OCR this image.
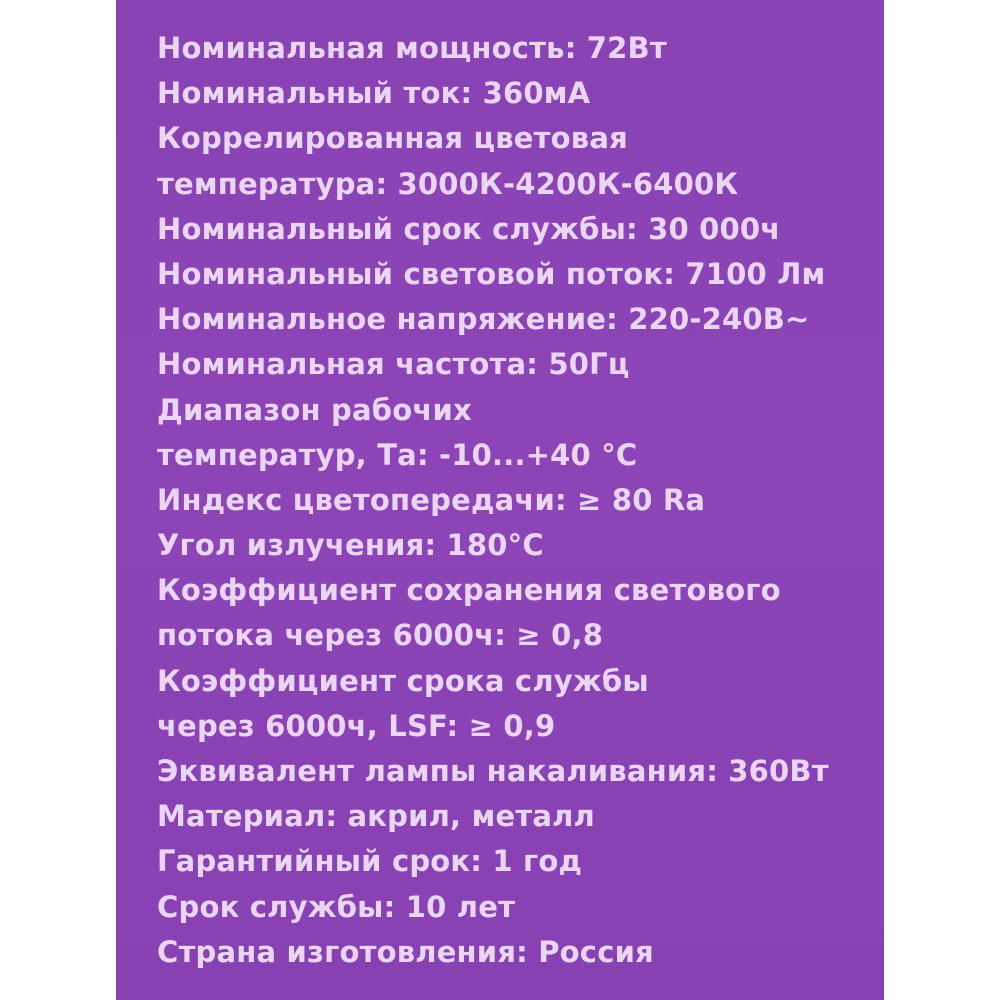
Номинальная мощность: 72Вт
Номинальный ток: 360мА
Коррелированная цветовая
температура: 3000К-4200К-6400К
Номинальный срок службы: 30 000ч
Номинальный световой поток: 7100 Лм
Номинальное напряжение: 220-240В~
Номинальная частота: 50Гц
Диапазон рабочих
температур, Та: -10...+40 °С
Индекс цветопередачи: ≥ 80 Ra
Угол излучения: 180°С
Коэффициент сохранения светового
потока через 6000ч: ≥ 0,8
Коэффициент срока службы
через 6000ч, LSF: ≥ 0,9
Эквивалент лампы накаливания: 360Вт
Материал: акрил, металл
Гарантийный срок: 1 год
Срок службы: 10 лет
Страна изготовления: Россия
